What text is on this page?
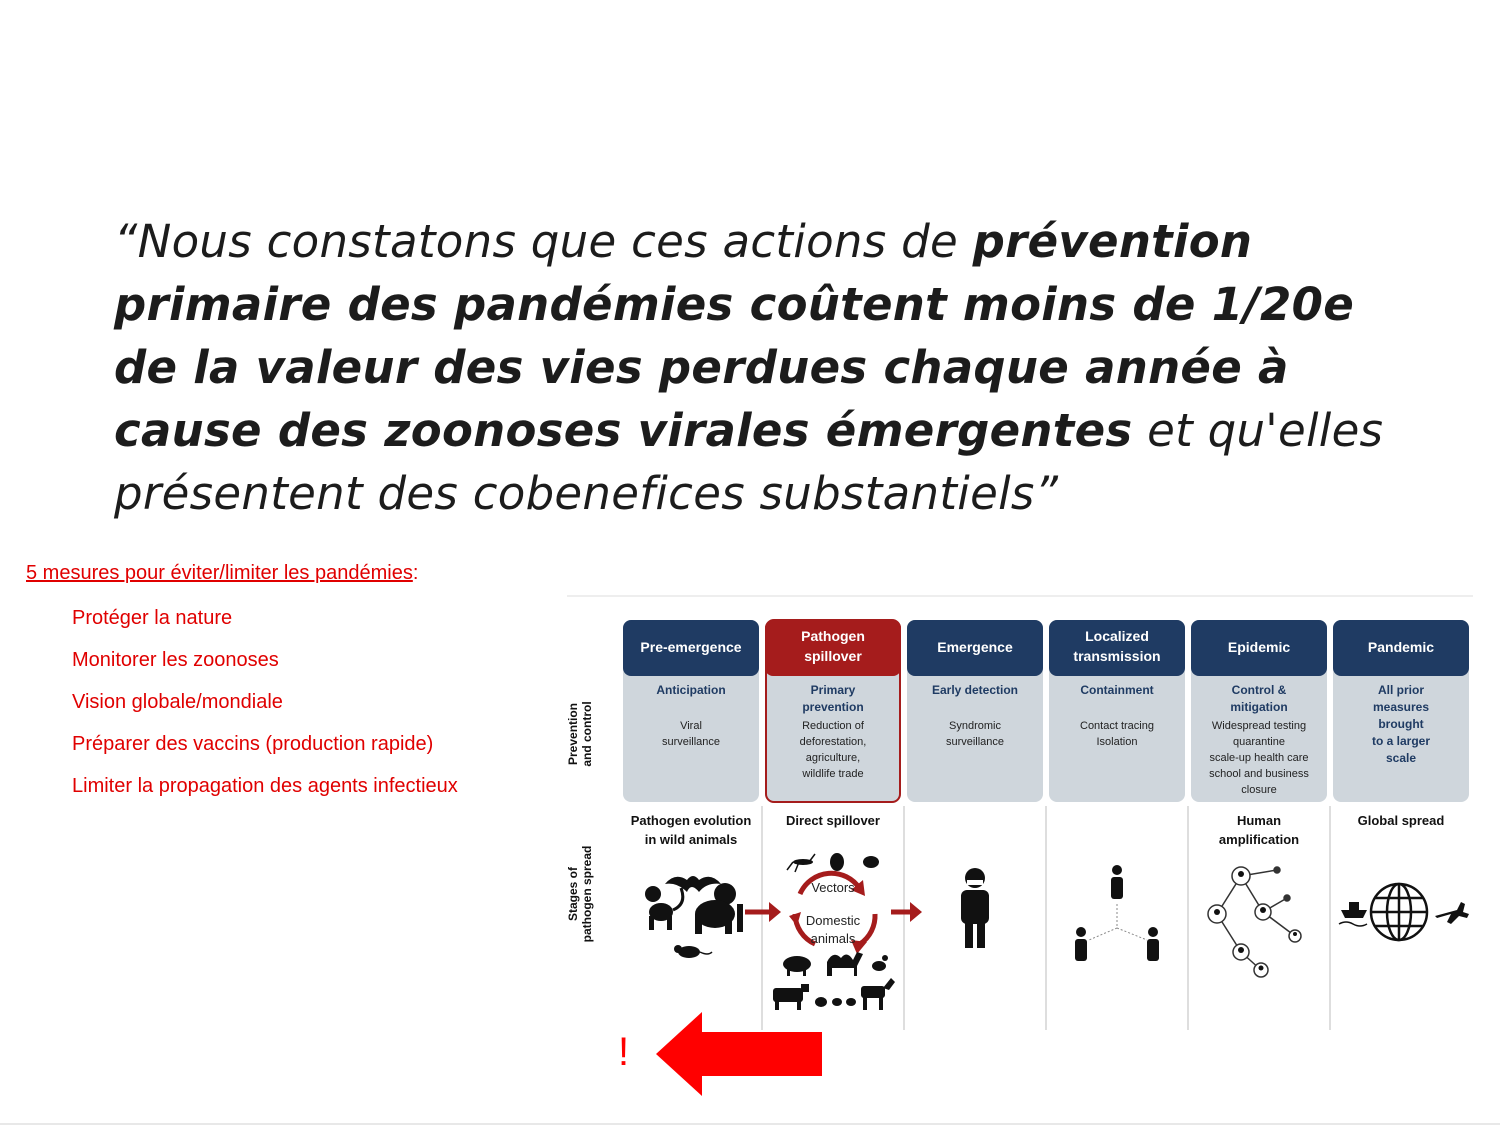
“Nous constatons que ces actions de prévention primaire des pandémies coûtent moins de 1/20e de la valeur des vies perdues chaque année à cause des zoonoses virales émergentes et qu'elles présentent des cobenefices substantiels”

5 mesures pour éviter/limiter les pandémies:
Protéger la nature
Monitorer les zoonoses
Vision globale/mondiale
Préparer des vaccins (production rapide)
Limiter la propagation des agents infectieux
Pre-emergence
Anticipation
Viral
surveillance
Pathogen evolution
in wild animals
Pathogen
spillover
Primary
prevention
Reduction of
deforestation,
agriculture,
wildlife trade
Direct spillover
Emergence
Early detection
Syndromic
surveillance
Localized
transmission
Containment
Contact tracing
Isolation
Epidemic
Control &
mitigation
Widespread testing
quarantine
scale-up health care
school and business
closure
Human
amplification
Pandemic
All prior
measures
brought
to a larger
scale
Global spread
Prevention and control
Stages of pathogen spread	Vectors
Domestic
animals
!
